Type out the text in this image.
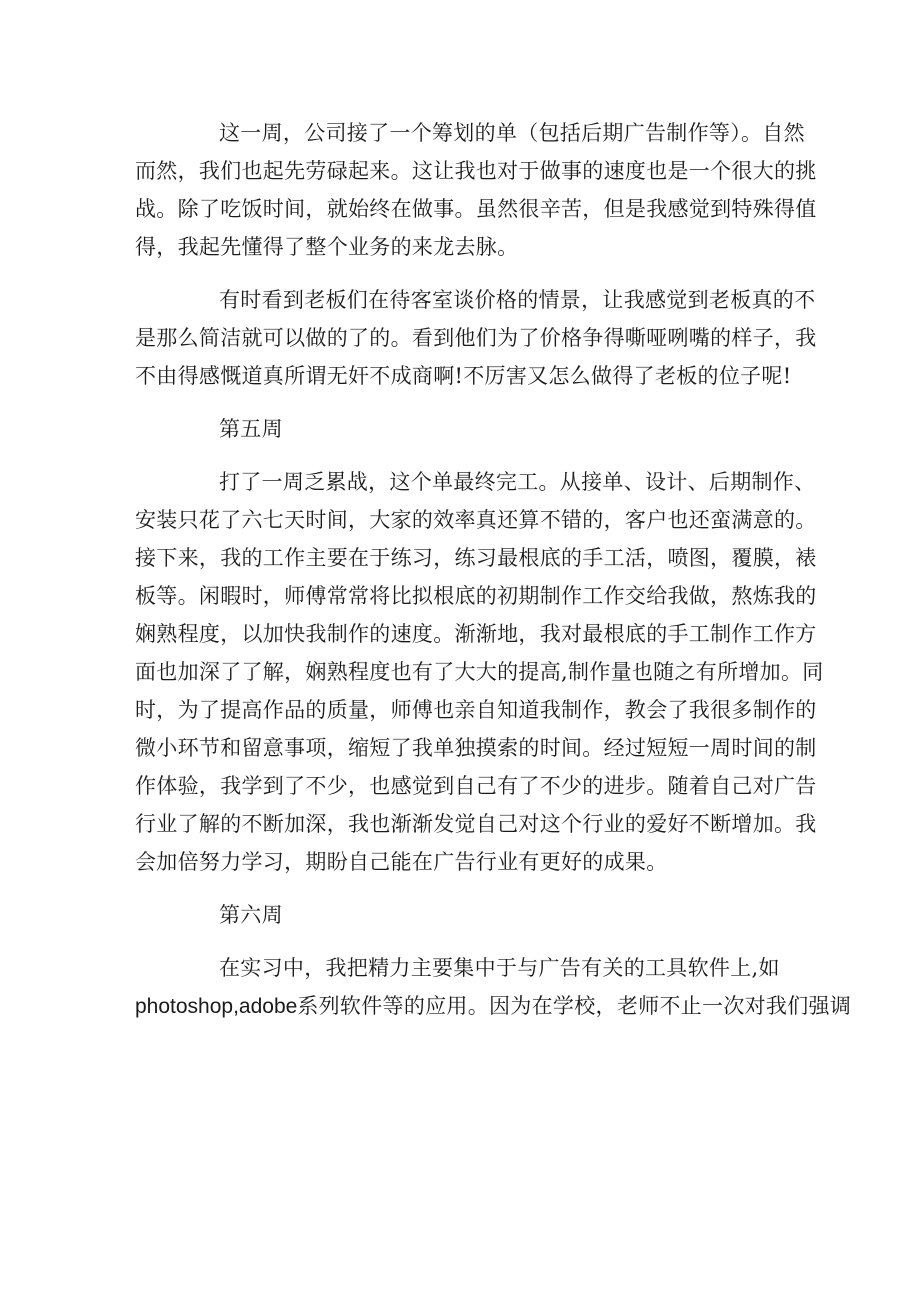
这一周，公司接了一个筹划的单（包括后期广告制作等）。自然
而然，我们也起先劳碌起来。这让我也对于做事的速度也是一个很大的挑
战。除了吃饭时间，就始终在做事。虽然很辛苦，但是我感觉到特殊得值
得，我起先懂得了整个业务的来龙去脉。

有时看到老板们在待客室谈价格的情景，让我感觉到老板真的不
是那么简洁就可以做的了的。看到他们为了价格争得嘶哑咧嘴的样子，我
不由得感慨道真所谓无奸不成商啊!不厉害又怎么做得了老板的位子呢!

第五周

打了一周乏累战，这个单最终完工。从接单、设计、后期制作、
安装只花了六七天时间，大家的效率真还算不错的，客户也还蛮满意的。
接下来，我的工作主要在于练习，练习最根底的手工活，喷图，覆膜，裱
板等。闲暇时，师傅常常将比拟根底的初期制作工作交给我做，熬炼我的
娴熟程度，以加快我制作的速度。渐渐地，我对最根底的手工制作工作方
面也加深了了解，娴熟程度也有了大大的提高,制作量也随之有所增加。同
时，为了提高作品的质量，师傅也亲自知道我制作，教会了我很多制作的
微小环节和留意事项，缩短了我单独摸索的时间。经过短短一周时间的制
作体验，我学到了不少，也感觉到自己有了不少的进步。随着自己对广告
行业了解的不断加深，我也渐渐发觉自己对这个行业的爱好不断增加。我
会加倍努力学习，期盼自己能在广告行业有更好的成果。

第六周

在实习中，我把精力主要集中于与广告有关的工具软件上,如
photoshop,adobe系列软件等的应用。因为在学校，老师不止一次对我们强调
